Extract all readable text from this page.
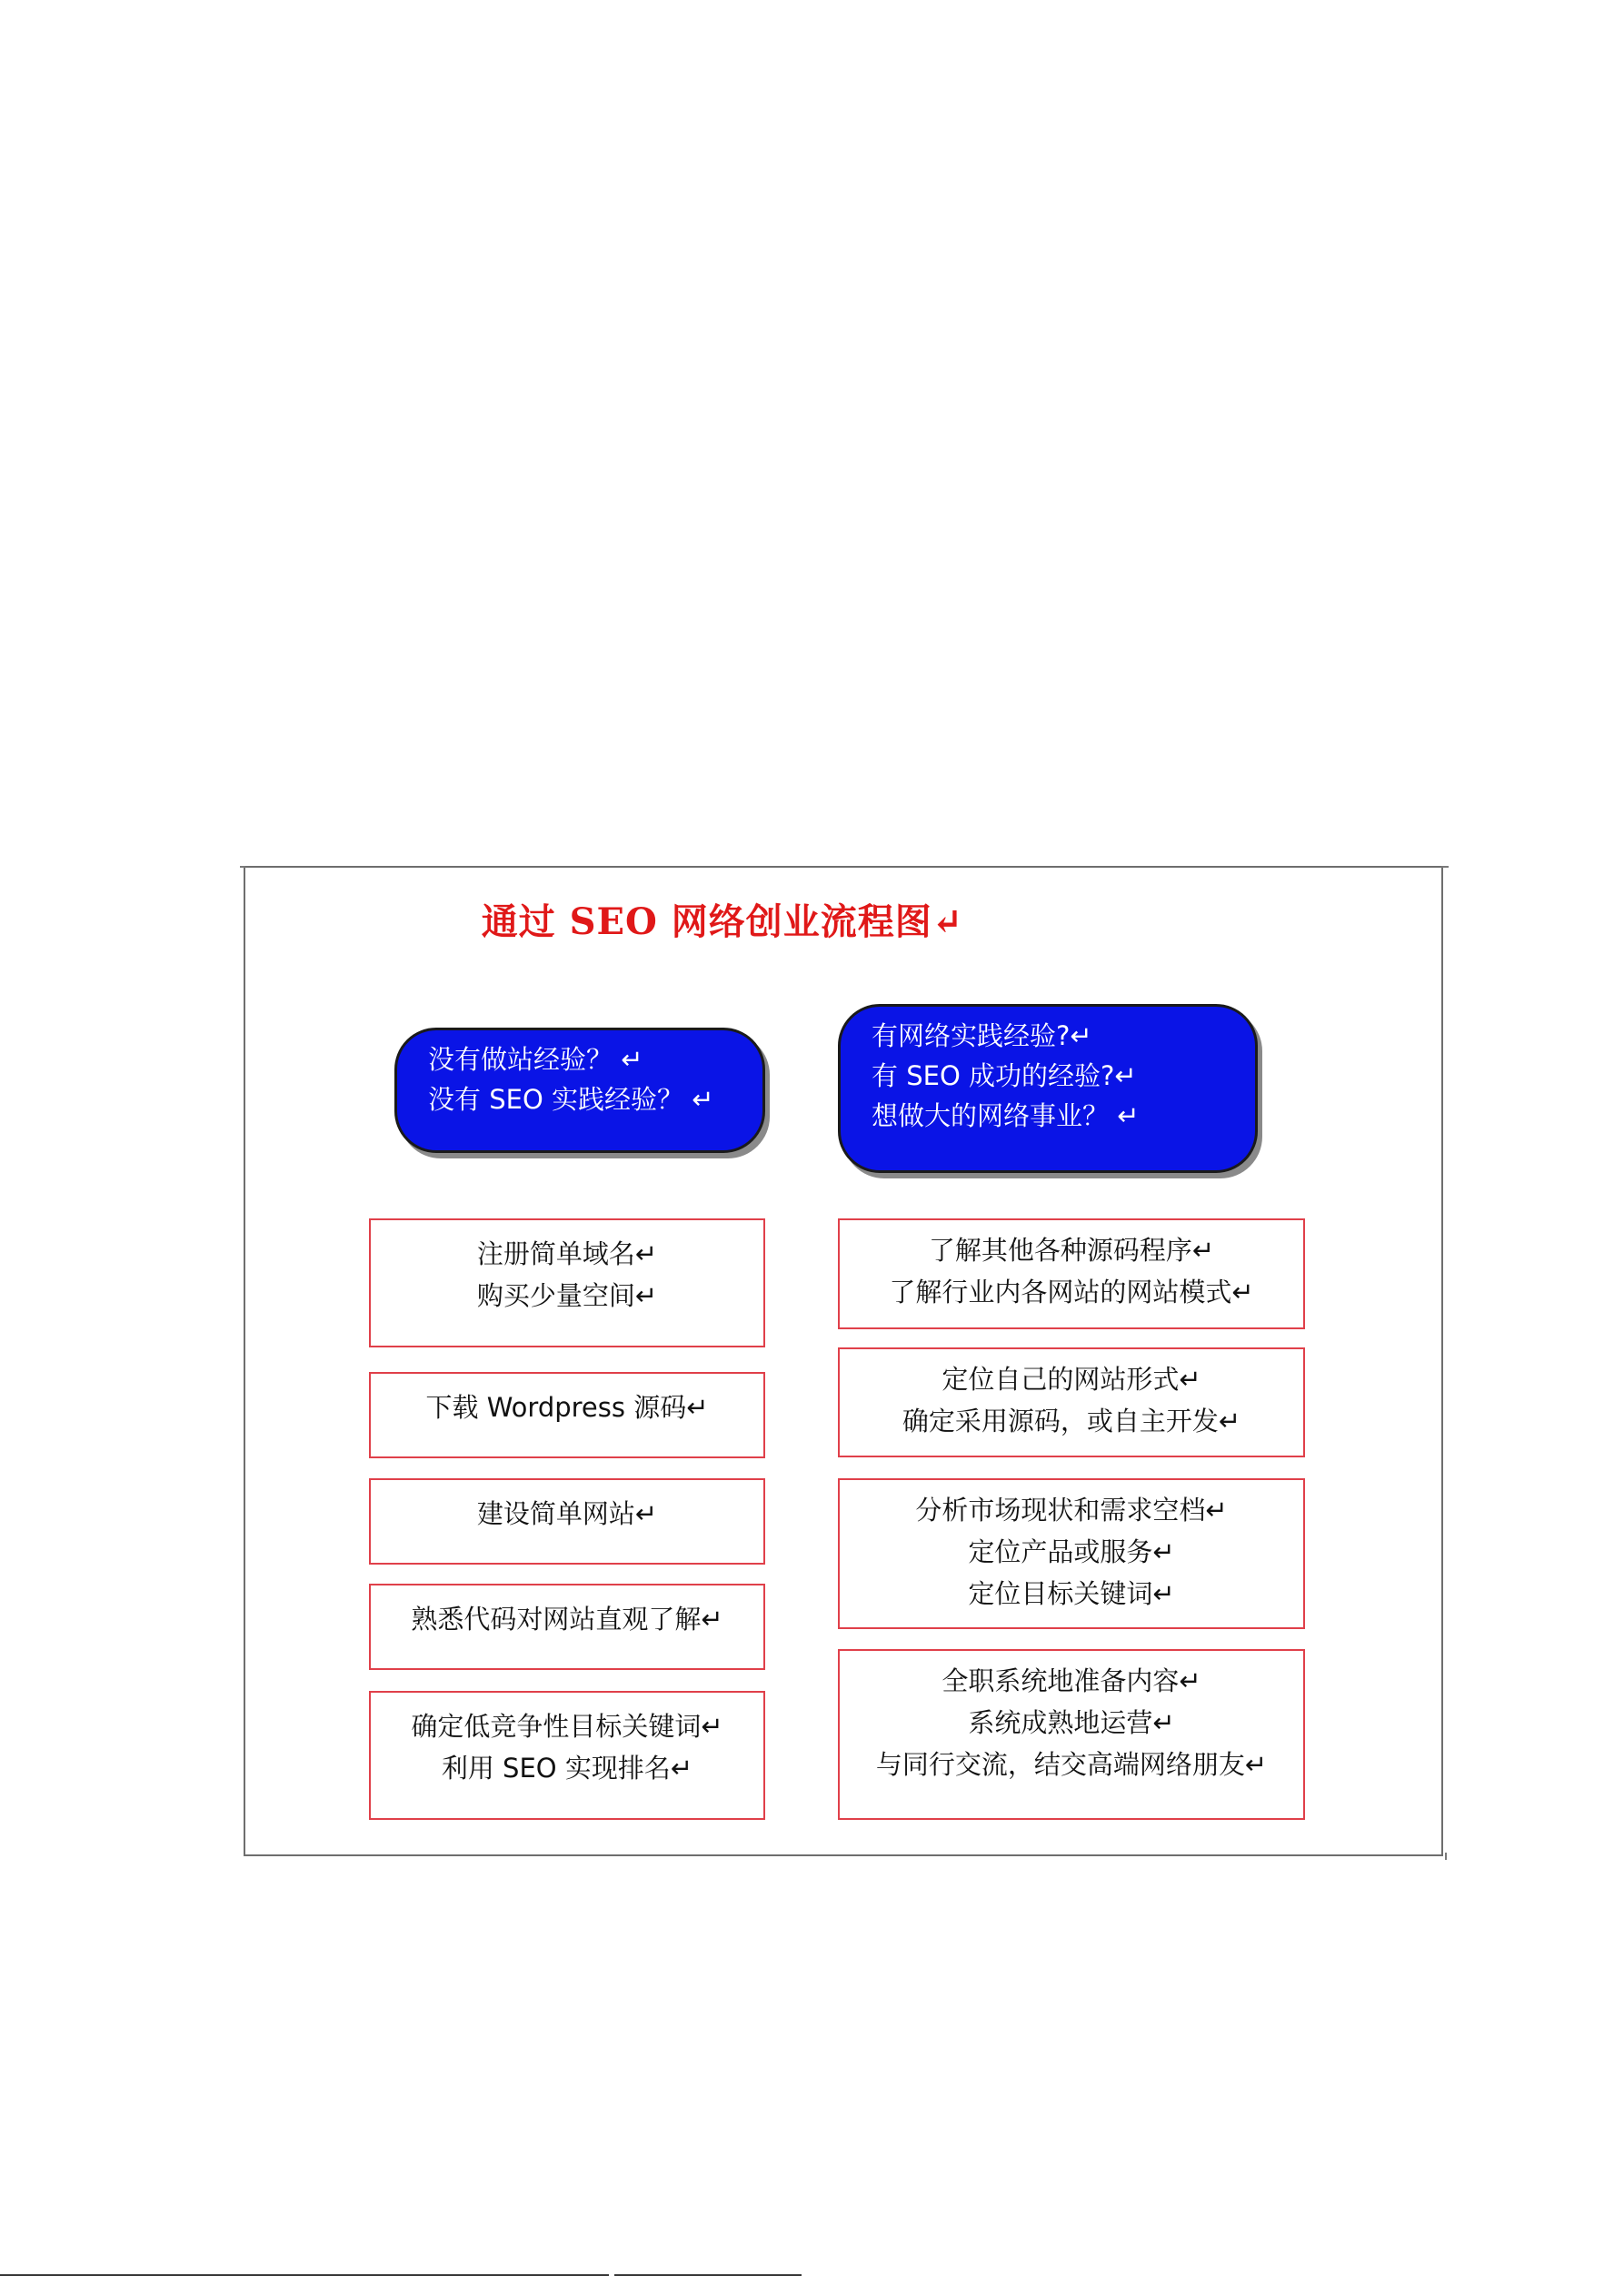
通过 SEO 网络创业流程图↵
没有做站经验？ ↵
没有 SEO 实践经验？ ↵
注册简单域名↵
购买少量空间↵
下载 Wordpress 源码↵
建设简单网站↵
熟悉代码对网站直观了解↵
确定低竞争性目标关键词↵
利用 SEO 实现排名↵
有网络实践经验?↵
有 SEO 成功的经验?↵
想做大的网络事业？ ↵
了解其他各种源码程序↵
了解行业内各网站的网站模式↵
定位自己的网站形式↵
确定采用源码，或自主开发↵
分析市场现状和需求空档↵
定位产品或服务↵
定位目标关键词↵
全职系统地准备内容↵
系统成熟地运营↵
与同行交流，结交高端网络朋友↵
